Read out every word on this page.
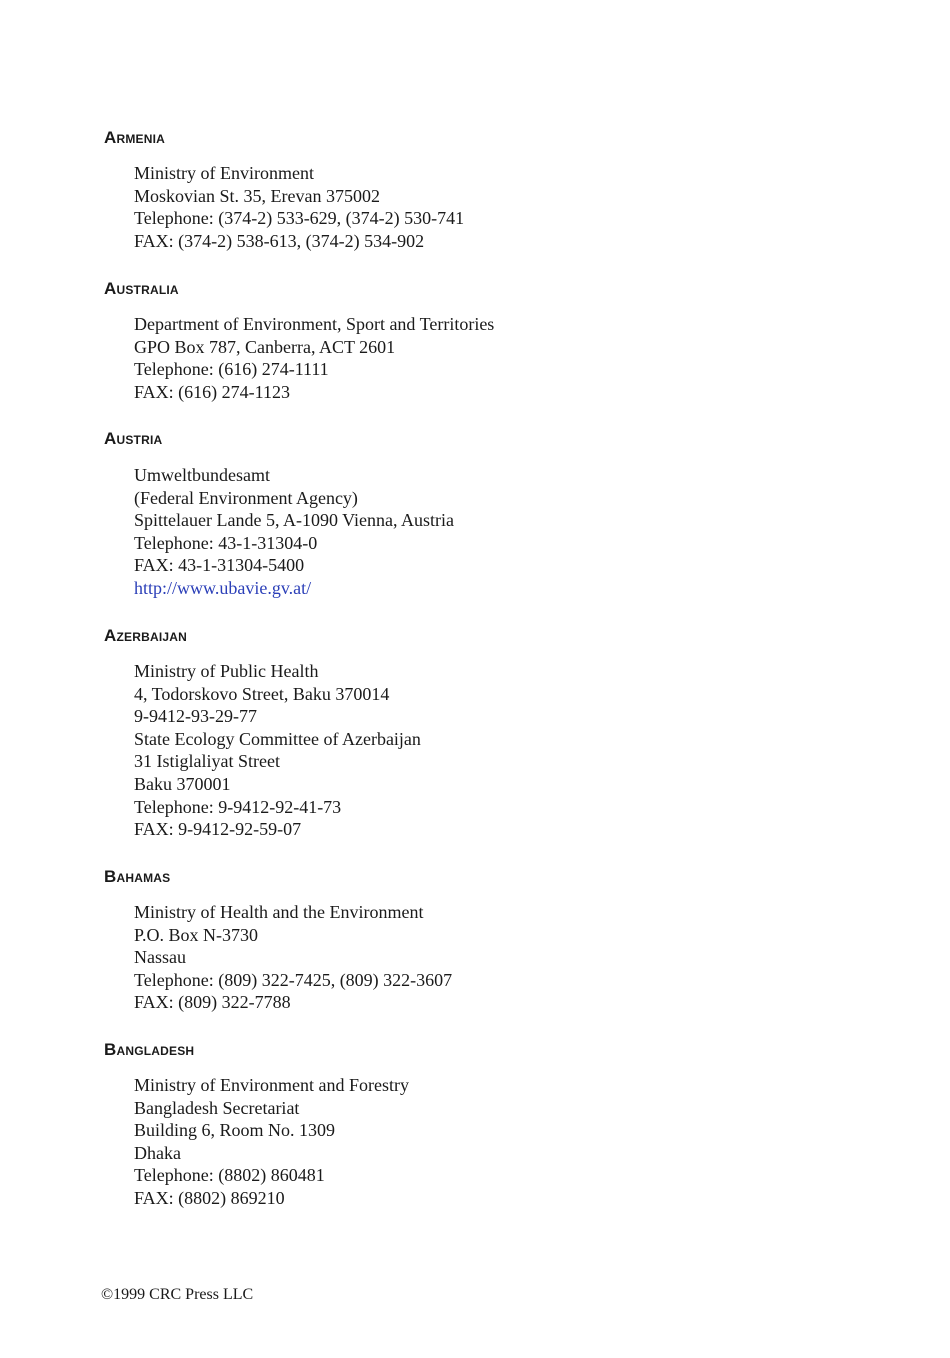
Armenia
Ministry of Environment
Moskovian St. 35, Erevan 375002
Telephone: (374-2) 533-629, (374-2) 530-741
FAX: (374-2) 538-613, (374-2) 534-902
Australia
Department of Environment, Sport and Territories
GPO Box 787, Canberra, ACT 2601
Telephone: (616) 274-1111
FAX: (616) 274-1123
Austria
Umweltbundesamt
(Federal Environment Agency)
Spittelauer Lande 5, A-1090 Vienna, Austria
Telephone: 43-1-31304-0
FAX: 43-1-31304-5400
http://www.ubavie.gv.at/
Azerbaijan
Ministry of Public Health
4, Todorskovo Street, Baku 370014
9-9412-93-29-77
State Ecology Committee of Azerbaijan
31 Istiglaliyat Street
Baku 370001
Telephone: 9-9412-92-41-73
FAX: 9-9412-92-59-07
Bahamas
Ministry of Health and the Environment
P.O. Box N-3730
Nassau
Telephone: (809) 322-7425, (809) 322-3607
FAX: (809) 322-7788
Bangladesh
Ministry of Environment and Forestry
Bangladesh Secretariat
Building 6, Room No. 1309
Dhaka
Telephone: (8802) 860481
FAX: (8802) 869210
©1999 CRC Press LLC
